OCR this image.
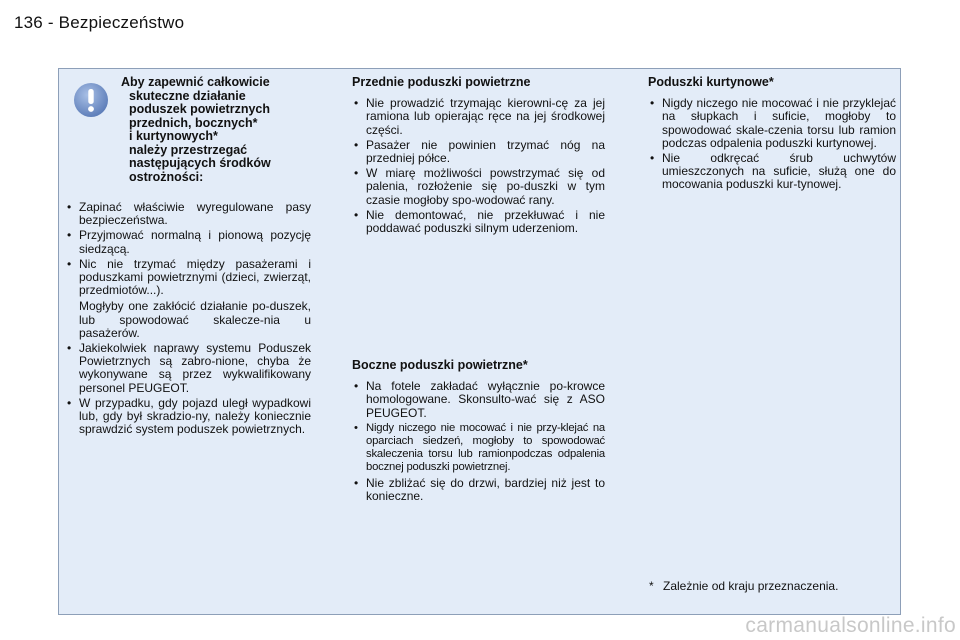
136 - Bezpieczeństwo
Aby zapewnić całkowicie
skuteczne działanie
poduszek powietrznych
przednich, bocznych*
i kurtynowych*
należy przestrzegać
następujących środków
ostrożności:
• Zapinać właściwie wyregulowane pasy bezpieczeństwa.
• Przyjmować normalną i pionową pozycję siedzącą.
• Nic nie trzymać między pasażerami i poduszkami powietrznymi (dzieci, zwierząt, przedmiotów...).
Mogłyby one zakłócić działanie po-duszek, lub spowodować skalecze-nia u pasażerów.
• Jakiekolwiek naprawy systemu Poduszek Powietrznych są zabro-nione, chyba że wykonywane są przez wykwalifikowany personel PEUGEOT.
• W przypadku, gdy pojazd uległ wypadkowi lub, gdy był skradzio-ny, należy koniecznie sprawdzić system poduszek powietrznych.
Przednie poduszki powietrzne
• Nie prowadzić trzymając kierowni-cę za jej ramiona lub opierając ręce na jej środkowej części.
• Pasażer nie powinien trzymać nóg na przedniej półce.
• W miarę możliwości powstrzymać się od palenia, rozłożenie się po-duszki w tym czasie mogłoby spo-wodować rany.
• Nie demontować, nie przekłuwać i nie poddawać poduszki silnym uderzeniom.
Boczne poduszki powietrzne*
• Na fotele zakładać wyłącznie po-krowce homologowane. Skonsulto-wać się z ASO PEUGEOT.
• Nigdy niczego nie mocować i nie przy-klejać na oparciach siedzeń, mogłoby to spowodować skaleczenia torsu lub ramionpodczas odpalenia bocznej poduszki powietrznej.
• Nie zbliżać się do drzwi, bardziej niż jest to konieczne.
Poduszki kurtynowe*
• Nigdy niczego nie mocować i nie przyklejać na słupkach i suficie, mogłoby to spowodować skale-czenia torsu lub ramion podczas odpalenia poduszki kurtynowej.
• Nie odkręcać śrub uchwytów umieszczonych na suficie, służą one do mocowania poduszki kur-tynowej.
* Zależnie od kraju przeznaczenia.
carmanualsonline.info
